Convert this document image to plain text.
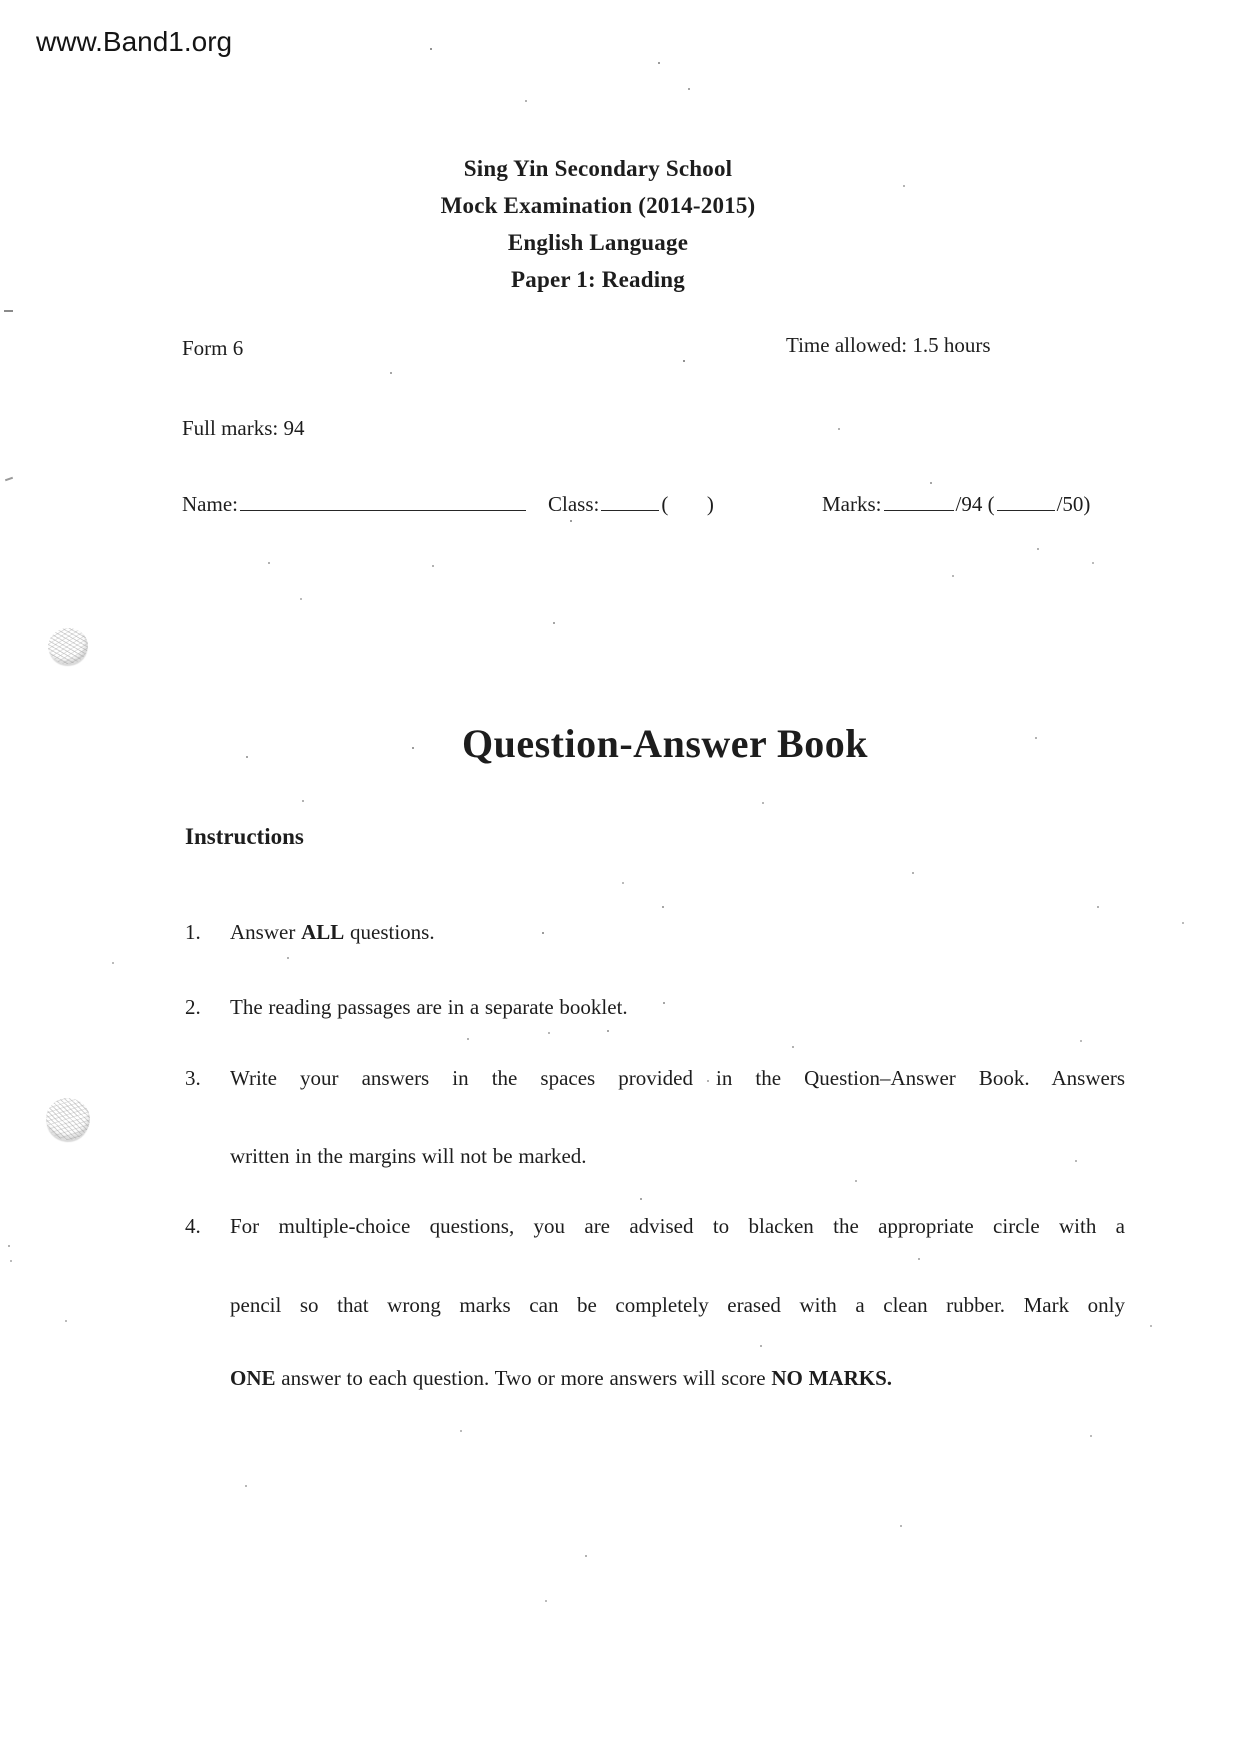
www.Band1.org
Sing Yin Secondary School
Mock Examination (2014-2015)
English Language
Paper 1: Reading
Form 6	Time allowed: 1.5 hours
Full marks: 94
Name:	Class:	(      )	Marks:	/94 (	/50)
Question-Answer Book
Instructions
1.	Answer ALL questions.
2.	The reading passages are in a separate booklet.
3.	Write your answers in the spaces provided in the Question–Answer Book. Answers
written in the margins will not be marked.
4.	For multiple-choice questions, you are advised to blacken the appropriate circle with a
pencil so that wrong marks can be completely erased with a clean rubber. Mark only
ONE answer to each question. Two or more answers will score NO MARKS.
